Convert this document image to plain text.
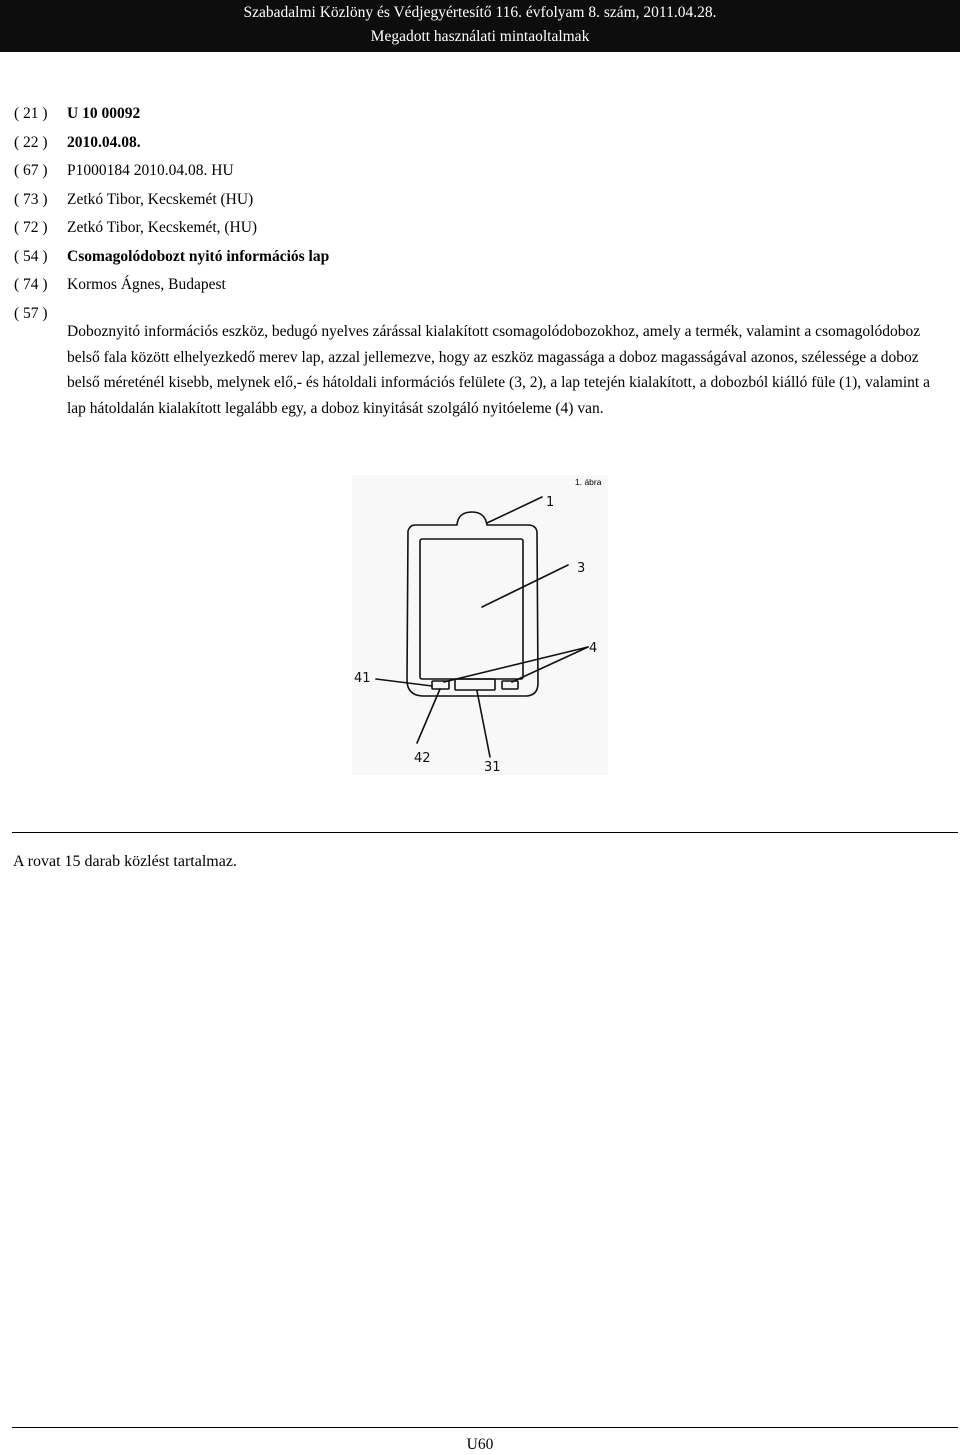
Szabadalmi Közlöny és Védjegyértesítő 116. évfolyam 8. szám, 2011.04.28.
Megadott használati mintaoltalmak
( 21 ) U 10 00092
( 22 ) 2010.04.08.
( 67 ) P1000184 2010.04.08. HU
( 73 ) Zetkó Tibor, Kecskemét (HU)
( 72 ) Zetkó Tibor, Kecskemét, (HU)
( 54 ) Csomagolódobozt nyitó információs lap
( 74 ) Kormos Ágnes, Budapest
( 57 )
Doboznyitó információs eszköz, bedugó nyelves zárással kialakított csomagolódobozokhoz, amely a termék, valamint a csomagolódoboz belső fala között elhelyezkedő merev lap, azzal jellemezve, hogy az eszköz magassága a doboz magasságával azonos, szélessége a doboz belső méreténél kisebb, melynek elő,- és hátoldali információs felülete (3, 2), a lap tetején kialakított, a dobozból kiálló füle (1), valamint a lap hátoldalán kialakított legalább egy, a doboz kinyitását szolgáló nyitóeleme (4) van.
1
3
4
41
42
31
1. ábra
A rovat 15 darab közlést tartalmaz.
U60
